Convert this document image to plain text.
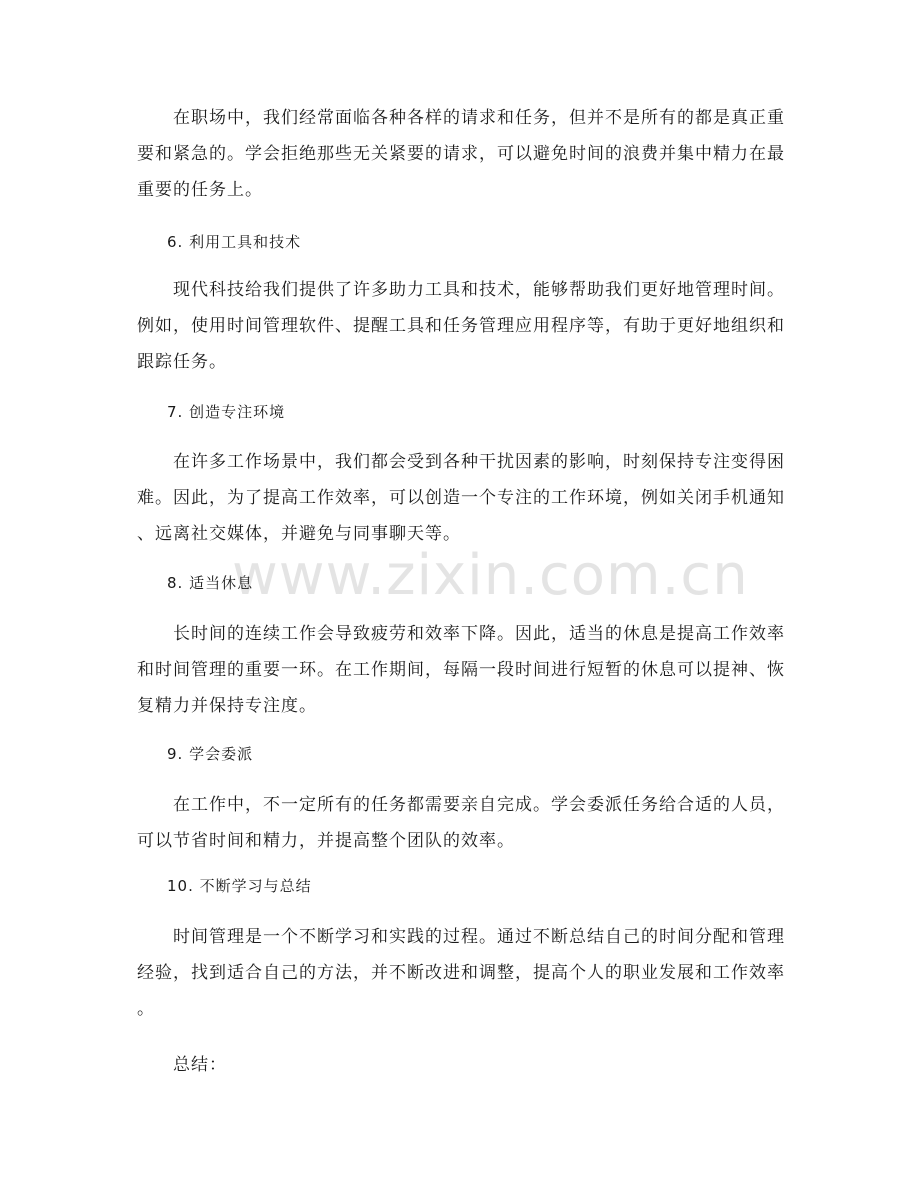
www.zixin.com.cn
　　在职场中，我们经常面临各种各样的请求和任务，但并不是所有的都是真正重
要和紧急的。学会拒绝那些无关紧要的请求，可以避免时间的浪费并集中精力在最
重要的任务上。
6. 利用工具和技术
　　现代科技给我们提供了许多助力工具和技术，能够帮助我们更好地管理时间。
例如，使用时间管理软件、提醒工具和任务管理应用程序等，有助于更好地组织和
跟踪任务。
7. 创造专注环境
　　在许多工作场景中，我们都会受到各种干扰因素的影响，时刻保持专注变得困
难。因此，为了提高工作效率，可以创造一个专注的工作环境，例如关闭手机通知
、远离社交媒体，并避免与同事聊天等。
8. 适当休息
　　长时间的连续工作会导致疲劳和效率下降。因此，适当的休息是提高工作效率
和时间管理的重要一环。在工作期间，每隔一段时间进行短暂的休息可以提神、恢
复精力并保持专注度。
9. 学会委派
　　在工作中，不一定所有的任务都需要亲自完成。学会委派任务给合适的人员，
可以节省时间和精力，并提高整个团队的效率。
10. 不断学习与总结
　　时间管理是一个不断学习和实践的过程。通过不断总结自己的时间分配和管理
经验，找到适合自己的方法，并不断改进和调整，提高个人的职业发展和工作效率
。
　　总结：
